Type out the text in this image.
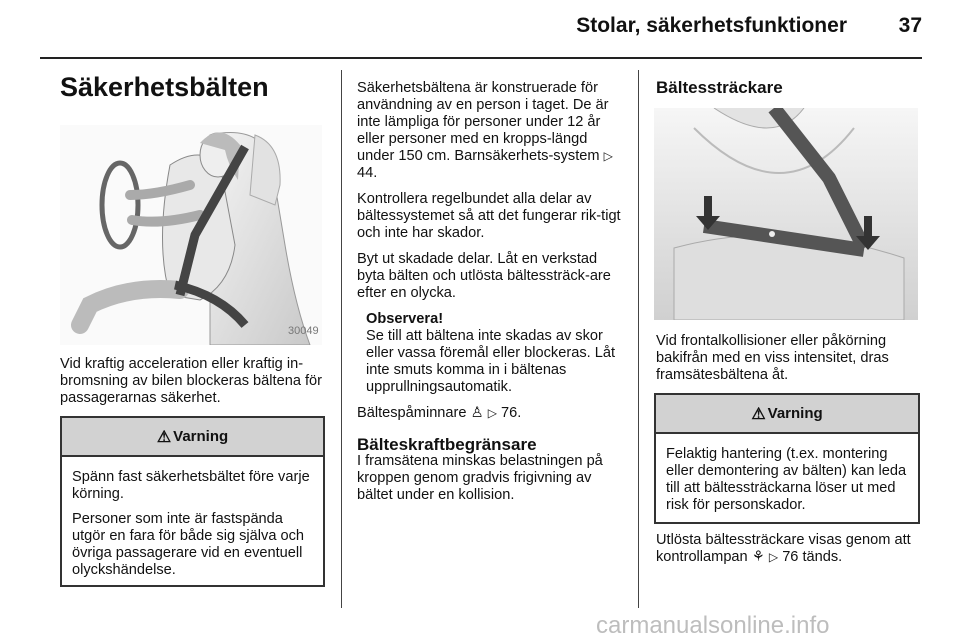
Stolar, säkerhetsfunktioner	37
Säkerhetsbälten
30049

Vid kraftig acceleration eller kraftig in-bromsning av bilen blockeras bältena för passagerarnas säkerhet.

⚠ Varning

Spänn fast säkerhetsbältet före varje körning.

Personer som inte är fastspända utgör en fara för både sig själva och övriga passagerare vid en eventuell olyckshändelse.

Säkerhetsbältena är konstruerade för användning av en person i taget. De är inte lämpliga för personer under 12 år eller personer med en kropps-längd under 150 cm. Barnsäkerhets-system ▷ 44.

Kontrollera regelbundet alla delar av bältessystemet så att det fungerar rik-tigt och inte har skador.

Byt ut skadade delar. Låt en verkstad byta bälten och utlösta bältessträck-are efter en olycka.

Observera!

Se till att bältena inte skadas av skor eller vassa föremål eller blockeras. Låt inte smuts komma in i bältenas upprullningsautomatik.

Bältespåminnare ♙ ▷ 76.

Bälteskraftbegränsare

I framsätena minskas belastningen på kroppen genom gradvis frigivning av bältet under en kollision.

Bältessträckare

Vid frontalkollisioner eller påkörning bakifrån med en viss intensitet, dras framsätesbältena åt.

⚠ Varning

Felaktig hantering (t.ex. montering eller demontering av bälten) kan leda till att bältessträckarna löser ut med risk för personskador.

Utlösta bältessträckare visas genom att kontrollampan ⚘ ▷ 76 tänds.

carmanualsonline.info
